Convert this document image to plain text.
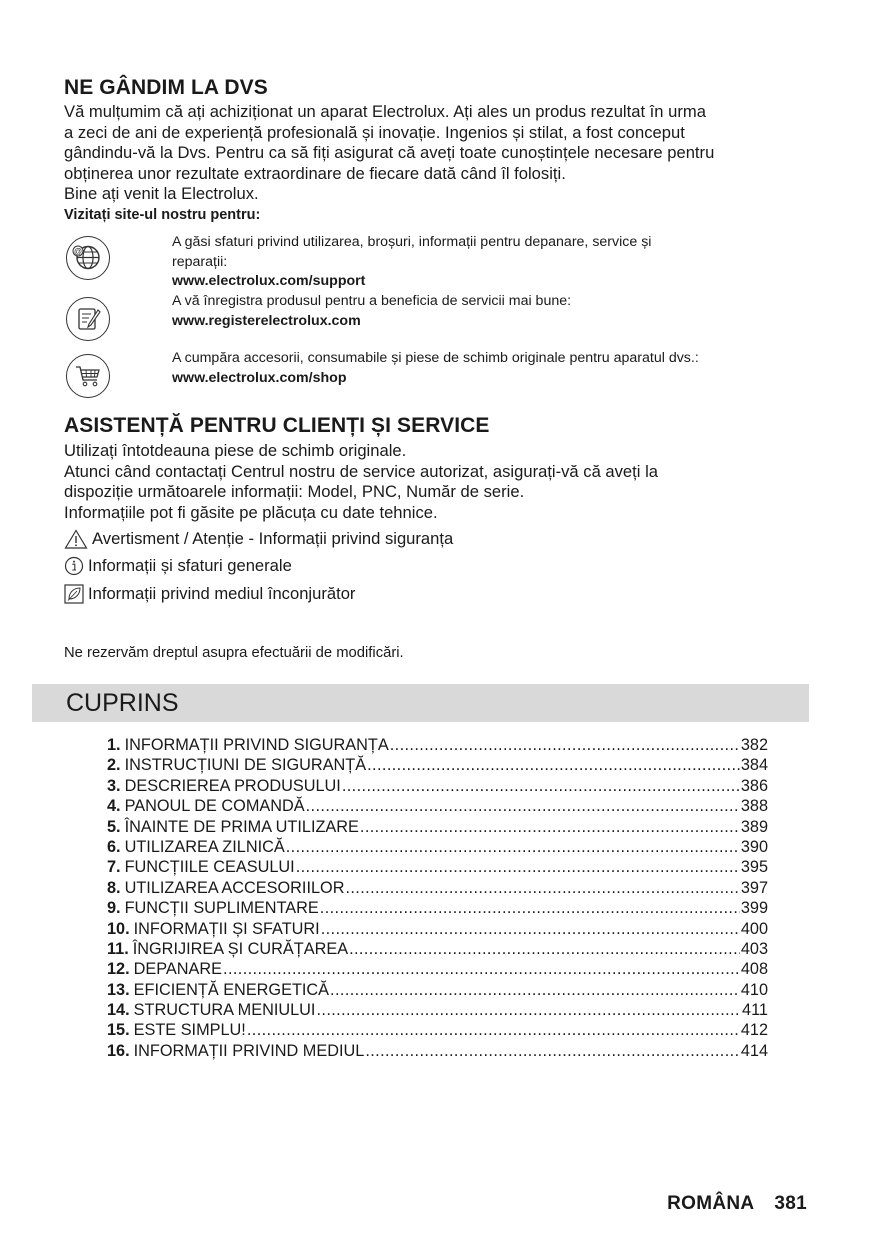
NE GÂNDIM LA DVS

Vă mulțumim că ați achiziționat un aparat Electrolux. Ați ales un produs rezultat în urma

a zeci de ani de experiență profesională și inovație. Ingenios și stilat, a fost conceput

gândindu-vă la Dvs. Pentru ca să fiți asigurat că aveți toate cunoștințele necesare pentru

obținerea unor rezultate extraordinare de fiecare dată când îl folosiți.

Bine ați venit la Electrolux.

Vizitați site-ul nostru pentru:
@
A găsi sfaturi privind utilizarea, broșuri, informații pentru depanare, service și
reparații:
www.electrolux.com/support
A vă înregistra produsul pentru a beneficia de servicii mai bune:
www.registerelectrolux.com
A cumpăra accesorii, consumabile și piese de schimb originale pentru aparatul dvs.:
www.electrolux.com/shop
ASISTENȚĂ PENTRU CLIENȚI ȘI SERVICE

Utilizați întotdeauna piese de schimb originale.

Atunci când contactați Centrul nostru de service autorizat, asigurați-vă că aveți la

dispoziție următoarele informații: Model, PNC, Număr de serie.

Informațiile pot fi găsite pe plăcuța cu date tehnice.

Avertisment / Atenție - Informații privind siguranța
Informații și sfaturi generale
Informații privind mediul înconjurător
Ne rezervăm dreptul asupra efectuării de modificări.
CUPRINS
1. INFORMAȚII PRIVIND SIGURANȚA .....	382
2. INSTRUCȚIUNI DE SIGURANȚĂ .....	384
3. DESCRIEREA PRODUSULUI .....	386
4. PANOUL DE COMANDĂ .....	388
5. ÎNAINTE DE PRIMA UTILIZARE .....	389
6. UTILIZAREA ZILNICĂ .....	390
7. FUNCȚIILE CEASULUI .....	395
8. UTILIZAREA ACCESORIILOR .....	397
9. FUNCȚII SUPLIMENTARE .....	399
10. INFORMAȚII ȘI SFATURI .....	400
11. ÎNGRIJIREA ȘI CURĂȚAREA .....	403
12. DEPANARE .....	408
13. EFICIENȚĂ ENERGETICĂ .....	410
14. STRUCTURA MENIULUI .....	411
15. ESTE SIMPLU! .....	412
16. INFORMAȚII PRIVIND MEDIUL .....	414
ROMÂNA 381
